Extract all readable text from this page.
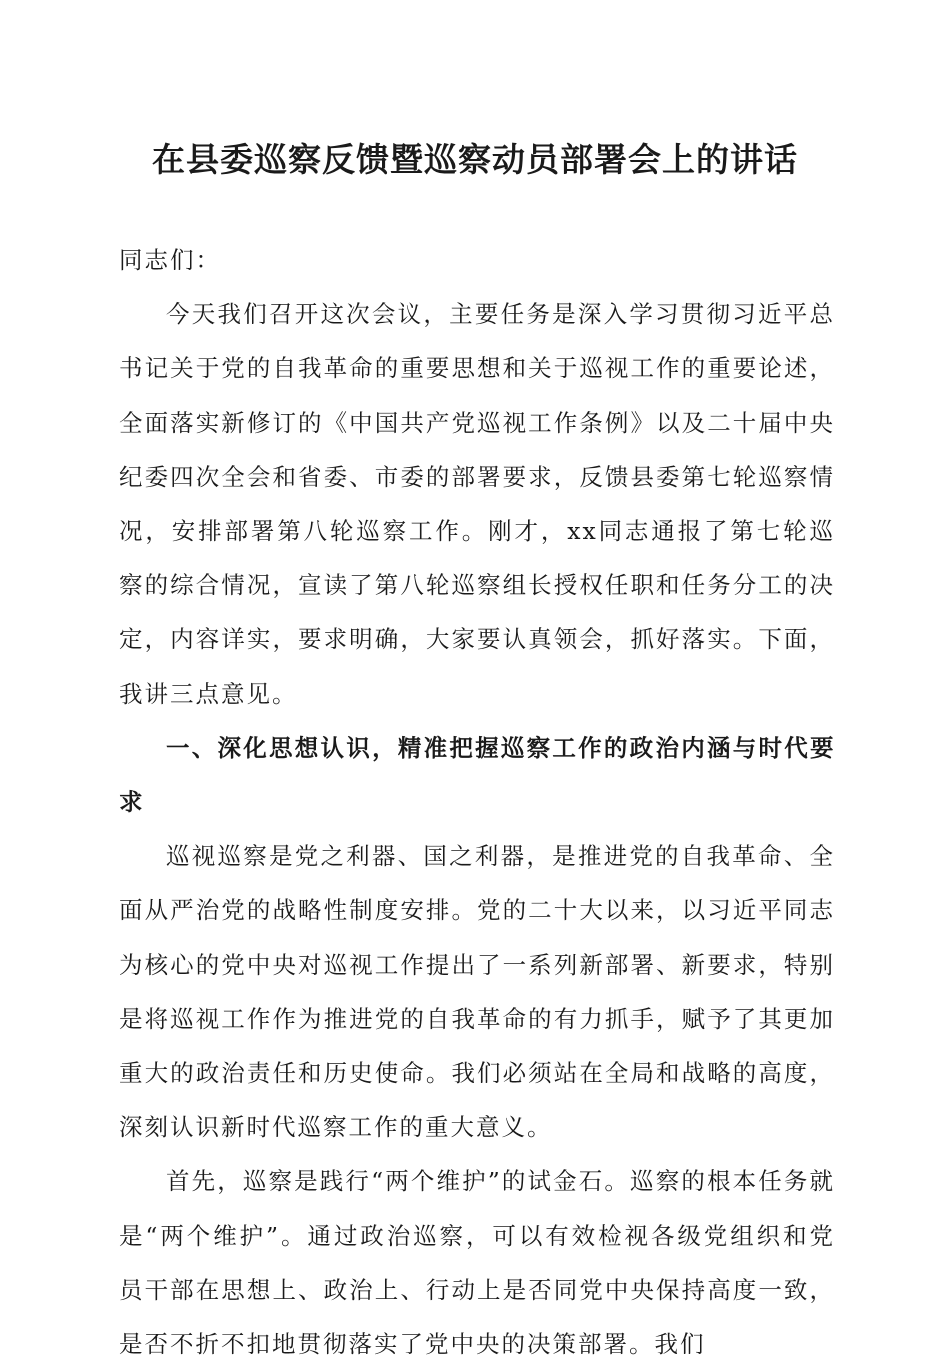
在县委巡察反馈暨巡察动员部署会上的讲话

同志们：

今天我们召开这次会议，主要任务是深入学习贯彻习近平总书记关于党的自我革命的重要思想和关于巡视工作的重要论述，全面落实新修订的《中国共产党巡视工作条例》以及二十届中央纪委四次全会和省委、市委的部署要求，反馈县委第七轮巡察情况，安排部署第八轮巡察工作。刚才，xx同志通报了第七轮巡察的综合情况，宣读了第八轮巡察组长授权任职和任务分工的决定，内容详实，要求明确，大家要认真领会，抓好落实。下面，我讲三点意见。

一、深化思想认识，精准把握巡察工作的政治内涵与时代要求

巡视巡察是党之利器、国之利器，是推进党的自我革命、全面从严治党的战略性制度安排。党的二十大以来，以习近平同志为核心的党中央对巡视工作提出了一系列新部署、新要求，特别是将巡视工作作为推进党的自我革命的有力抓手，赋予了其更加重大的政治责任和历史使命。我们必须站在全局和战略的高度，深刻认识新时代巡察工作的重大意义。

首先，巡察是践行“两个维护”的试金石。巡察的根本任务就是“两个维护”。通过政治巡察，可以有效检视各级党组织和党员干部在思想上、政治上、行动上是否同党中央保持高度一致，是否不折不扣地贯彻落实了党中央的决策部署。我们
